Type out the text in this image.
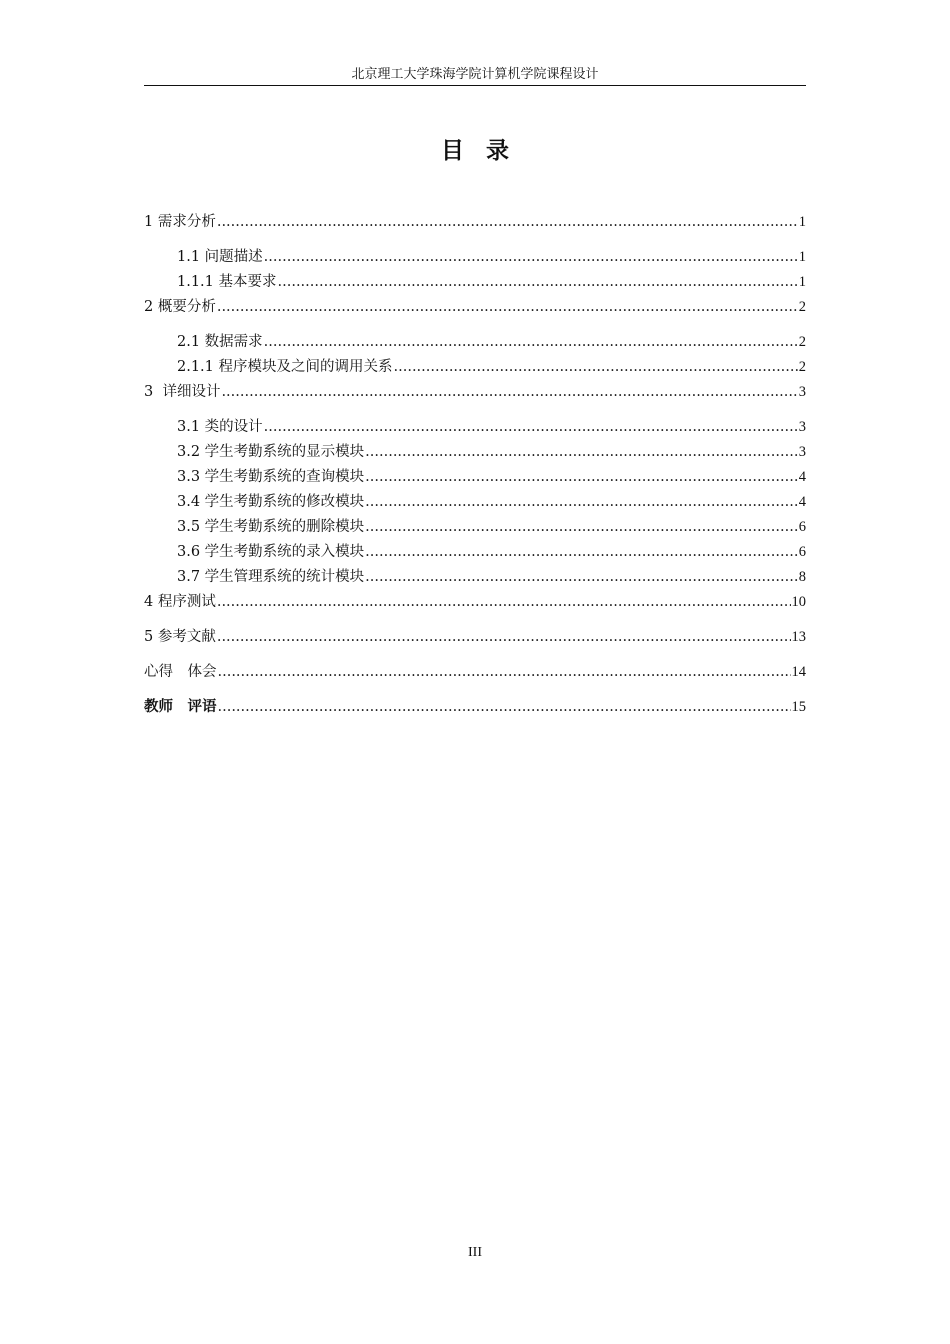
北京理工大学珠海学院计算机学院课程设计
目录
1 需求分析 .....	1
1.1 问题描述 .....	1
1.1.1 基本要求 .....	1
2 概要分析 .....	2
2.1 数据需求 .....	2
2.1.1 程序模块及之间的调用关系 .....	2
3  详细设计 .....	3
3.1 类的设计 .....	3
3.2 学生考勤系统的显示模块 .....	3
3.3 学生考勤系统的查询模块 .....	4
3.4 学生考勤系统的修改模块 .....	4
3.5 学生考勤系统的删除模块 .....	6
3.6 学生考勤系统的录入模块 .....	6
3.7 学生管理系统的统计模块 .....	8
4 程序测试 .....	10
5 参考文献 .....	13
心得　体会 .....	14
教师　评语 .....	15
III
